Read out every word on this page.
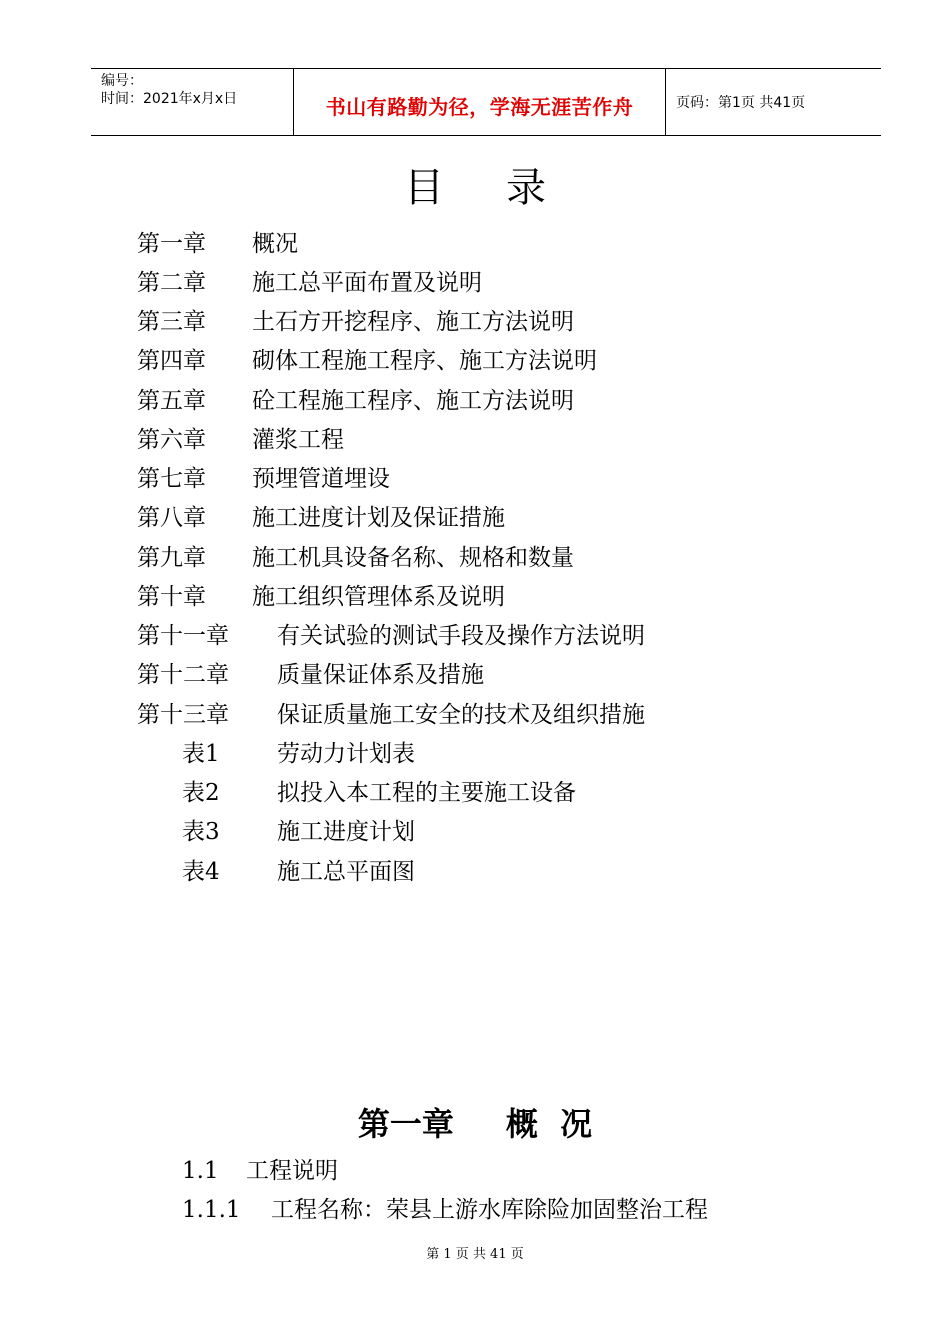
编号：
时间：2021年x月x日	书山有路勤为径，学海无涯苦作舟	页码：第1页 共41页
目 录
第一章 概况
第二章 施工总平面布置及说明
第三章 土石方开挖程序、施工方法说明
第四章 砌体工程施工程序、施工方法说明
第五章 砼工程施工程序、施工方法说明
第六章 灌浆工程
第七章 预埋管道埋设
第八章 施工进度计划及保证措施
第九章 施工机具设备名称、规格和数量
第十章 施工组织管理体系及说明
第十一章 有关试验的测试手段及操作方法说明
第十二章 质量保证体系及措施
第十三章 保证质量施工安全的技术及组织措施
表1 劳动力计划表
表2 拟投入本工程的主要施工设备
表3 施工进度计划
表4 施工总平面图
第一章 概  况
1.1 工程说明
1.1.1 工程名称：荣县上游水库除险加固整治工程
第 1 页 共 41 页
